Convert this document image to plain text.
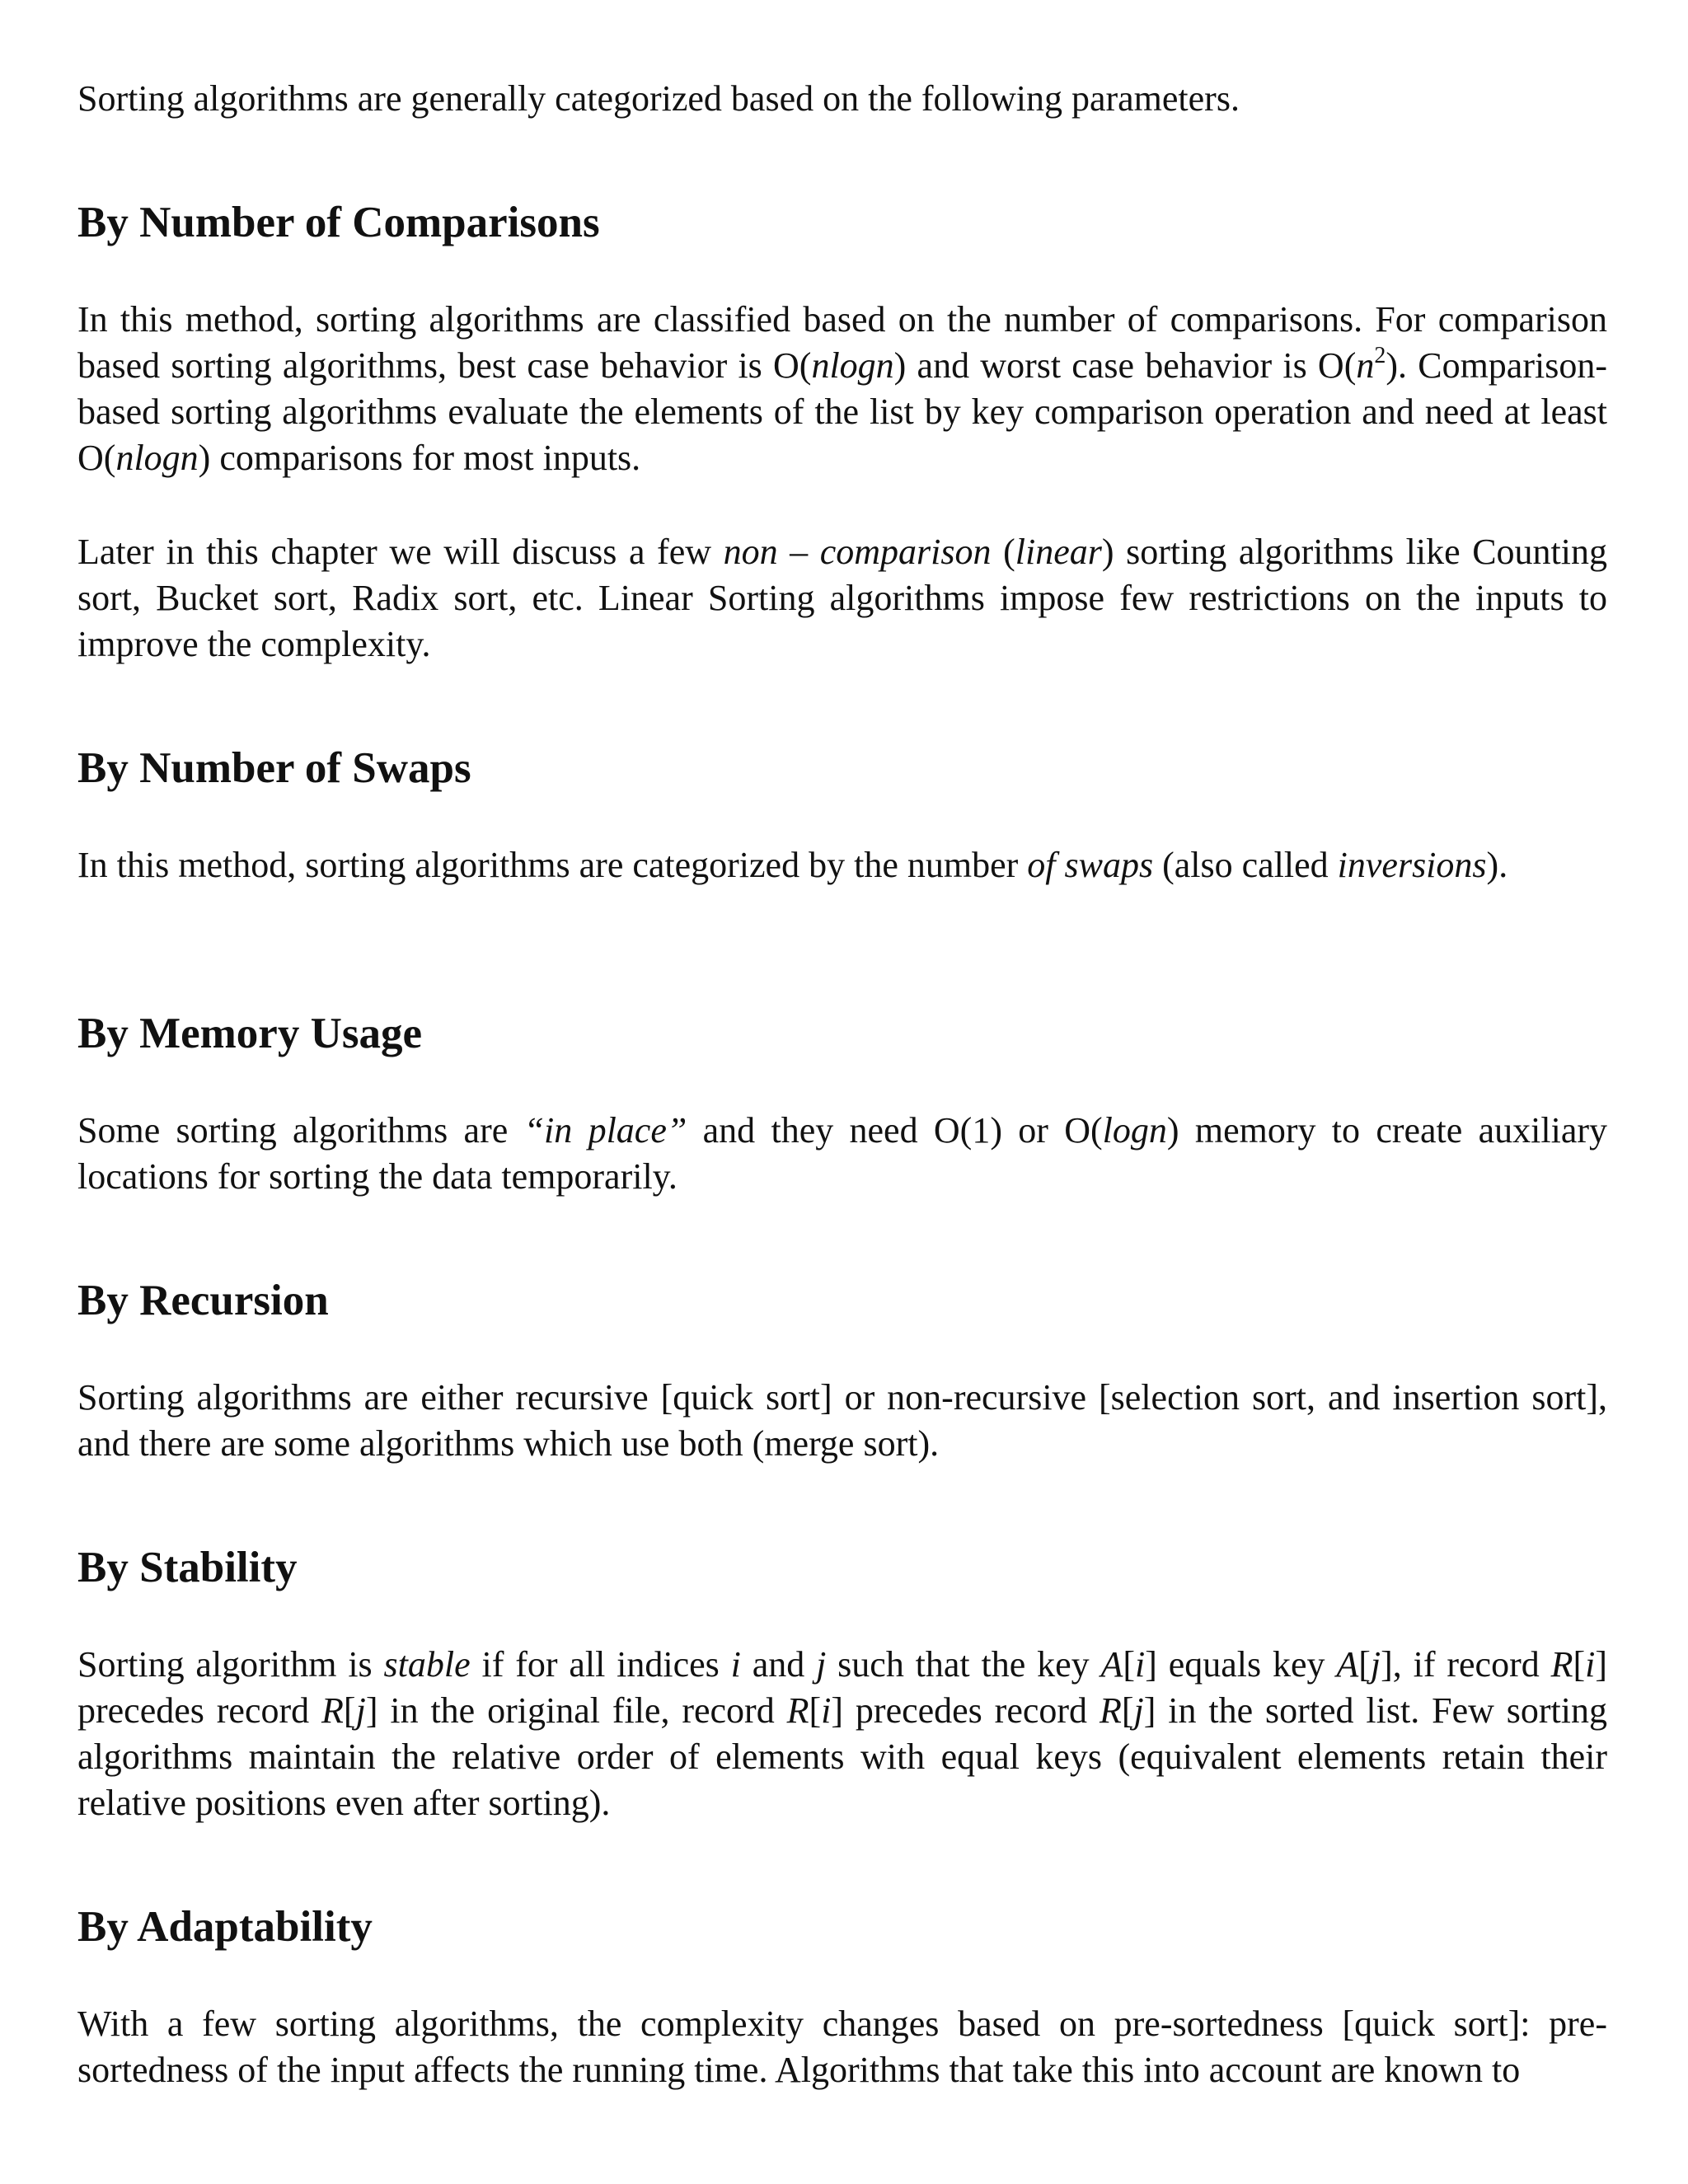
Sorting algorithms are generally categorized based on the following parameters.

By Number of Comparisons

In this method, sorting algorithms are classified based on the number of comparisons. For comparison based sorting algorithms, best case behavior is O(nlogn) and worst case behavior is $O(n^2)$. Comparison-based sorting algorithms evaluate the elements of the list by key comparison operation and need at least O(nlogn) comparisons for most inputs.

Later in this chapter we will discuss a few non – comparison (linear) sorting algorithms like Counting sort, Bucket sort, Radix sort, etc. Linear Sorting algorithms impose few restrictions on the inputs to improve the complexity.

By Number of Swaps

In this method, sorting algorithms are categorized by the number of swaps (also called inversions).

By Memory Usage

Some sorting algorithms are “in place” and they need O(1) or O(logn) memory to create auxiliary locations for sorting the data temporarily.

By Recursion

Sorting algorithms are either recursive [quick sort] or non-recursive [selection sort, and insertion sort], and there are some algorithms which use both (merge sort).

By Stability

Sorting algorithm is stable if for all indices i and j such that the key A[i] equals key A[j], if record R[i] precedes record R[j] in the original file, record R[i] precedes record R[j] in the sorted list. Few sorting algorithms maintain the relative order of elements with equal keys (equivalent elements retain their relative positions even after sorting).

By Adaptability

With a few sorting algorithms, the complexity changes based on pre-sortedness [quick sort]: pre-sortedness of the input affects the running time. Algorithms that take this into account are known to
